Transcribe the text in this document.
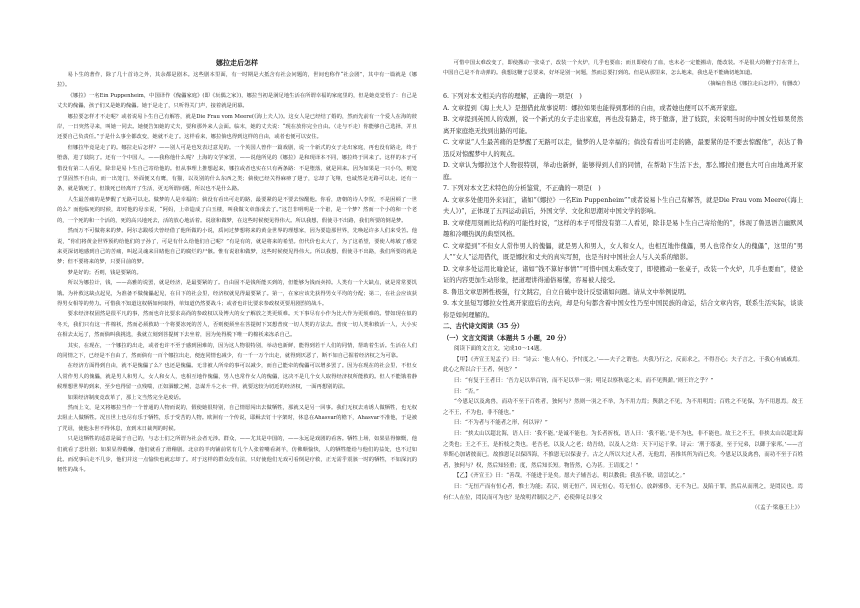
娜拉走后怎样
易卜生的著作，除了几十首诗之外，其余都是剧本。这些剧本里面，有一时期是大抵含有社会问题的，世间也称作“社会剧”，其中有一篇就是《娜拉》。
《娜拉》一名Ein Puppenheim，中国译作《傀儡家庭》(即《玩偶之家》)，娜拉当初是满足地生活在所谓幸福的家庭里的，但是她竟觉悟了：自己是丈夫的傀儡，孩子们又是她的傀儡。她于是走了，只听得关门声，接着就是闭幕。
娜拉要怎样才不走呢？或者说易卜生自己有解答，就是Die Frau vom Meere(《海上夫人》)。这女人是已经结了婚的，然而先前有一个爱人在海的彼岸，一日突然寻来，叫她一同去。她便告知她的丈夫，要和那外来人会面。临末，她的丈夫说：“现在放你完全自由。（走与不走）你能够自己选择，并且还要自己负责任。”于是什么事全都改变，她就不走了。这样看来，娜拉倘也得到这样的自由，或者也便可以安住。
但娜拉毕竟是走了的。娜拉走后怎样？——别人可是也发表过意见的。一个英国人曾作一篇戏剧，说一个新式的女子走出家庭，再也没有路走，终于堕落，进了妓院了。还有一个中国人，——我称他什么呢？上海的文学家罢，——说他所见的《娜拉》是和现译本不同，娜拉终于回来了。这样的本子可惜没有第二人看见，除非是易卜生自己寄给他的。但从事理上推想起来，娜拉或者也实在只有两条路：不是堕落，就是回来。因为如果是一只小鸟，则笼子里固然不自由，而一出笼门，外面便又有鹰，有猫，以及别的什么东西之类；倘使已经关得麻痹了翅子，忘却了飞翔，也诚然是无路可以走。还有一条，就是饿死了，但饿死已经离开了生活，更无所谓问题，所以也不是什么路。
人生最苦痛的是梦醒了无路可以走。做梦的人是幸福的；倘没有看出可走的路，最要紧的是不要去惊醒他。你看，唐朝的诗人李贺，不是困顿了一世的么？而他临死的时候，却对他的母亲说，“阿妈，上帝造成了白玉楼，叫我做文章落成去了。”这岂非明明是一个诳，是一个梦？然而一个小的和一个老的，一个死的和一个活的，死的高兴地死去，活的放心地活着。说诳和做梦，在这些时候便见得伟大。所以我想，假使寻不出路，我们所要的倒是梦。
然而万不可做将来的梦。阿尔志跋绥夫曾经借了他所做的小说，质问过梦想将来的黄金世界的理想家，因为要造那世界，先唤起许多人们来受苦。他说，“你们将黄金世界预约给他们的子孙了，可是有什么给他们自己呢？”有是有的，就是将来的希望。但代价也太大了，为了这希望，要使人练敏了感觉来更深切地感到自己的苦痛，叫起灵魂来目睹他自己的腐烂的尸骸。惟有说诳和做梦，这些时候便见得伟大。所以我想，假使寻不出路，我们所要的就是梦；但不要将来的梦，只要目前的梦。
梦是好的；否则，钱是要紧的。
所以为娜拉计，钱，——高雅的说罢，就是经济，是最要紧的了。自由固不是钱所能买到的，但能够为钱而卖掉。人类有一个大缺点，就是常常要饥饿。为补救这缺点起见，为准备不做傀儡起见，在目下的社会里，经济权就见得最要紧了。第一，在家应该先获得男女平均的分配；第二，在社会应该获得男女相等的势力。可惜我不知道这权柄如何取得，单知道仍然要战斗；或者也许比要求参政权更要用剧烈的战斗。
要求经济权固然是很平凡的事，然而也许比要求高尚的参政权以及博大的女子解放之类更烦难。天下事尽有小作为比大作为更烦难的。譬如现在似的冬天，我们只有这一件棉袄，然而必须救助一个将要冻死的苦人，否则便须坐在菩提树下冥想普度一切人类的方法去。普度一切人类和救活一人，大小实在相去太远了，然而倘叫我挑选，我就立刻到菩提树下去坐着，因为免得脱下唯一的棉袄来冻杀自己。
其实，在现在，一个娜拉的出走，或者也许不至于感到困难的，因为这人物很特别，举动也新鲜，能得到若干人们的同情，帮助着生活。生活在人们的同情之下，已经是不自由了，然而倘有一百个娜拉出走，便连同情也减少，有一千一万个出走，就得到厌恶了，断不如自己握着经济权之为可靠。
在经济方面得到自由，就不是傀儡了么？也还是傀儡。无非被人所牵的事可以减少，而自己能牵的傀儡可以增多罢了。因为在现在的社会里，不但女人常作男人的傀儡，就是男人和男人，女人和女人，也相互地作傀儡，男人也常作女人的傀儡，这决不是几个女人取得经济权所能救的。但人不能饿着静候理想世界的到来，至少也得留一点残喘，正如涸辙之鲋，急谋升斗之水一样，就要这较为切近的经济权，一面再想别的法。
如果经济制度竟改革了，那上文当然完全是废话。
然而上文，是又将娜拉当作一个普通的人物而说的，假使她很特别，自己情愿闯出去做牺牲，那就又是另一回事。我们无权去劝诱人做牺牲，也无权去阻止人做牺牲。况且世上也尽有乐于牺牲，乐于受苦的人物。欧洲有一个传说，耶稣去钉十字架时，休息在Ahasvar的檐下，Ahasvar不准他，于是被了咒诅，使他永世不得休息，直到末日裁判的时候。
只是这牺牲的适意是属于自己的，与志士们之所谓为社会者无涉。群众，——尤其是中国的，——永远是戏剧的看客。牺牲上场，如果显得慷慨，他们就看了悲壮剧；如果显得觳觫，他们就看了滑稽剧。北京的羊肉铺前常有几个人张着嘴看剥羊，仿佛颇愉快，人的牺牲能给与他们的益处，也不过如此。而况事后走不几步，他们并这一点愉快也就忘却了。对于这样的群众没有法，只好使他们无戏可看倒是疗救，正无需乎震骇一时的牺牲，不如深沉的韧性的战斗。
可惜中国太难改变了，即使搬动一张桌子，改装一个火炉，几乎也要血；而且即使有了血，也未必一定能搬动，能改装。不是很大的鞭子打在背上，中国自己是不肯动弹的。我想这鞭子总要来，好坏是别一问题，然而总要打到的。但是从那里来，怎么地来，我也是不能确切地知道。
（摘编自鲁迅《娜拉走后怎样》，有删改）
6. 下列对本文相关内容的理解，正确的一项是(　)
A. 文章提到《海上夫人》是想借此故事说明：娜拉如果也能得到那样的自由，或者她也便可以不离开家庭。
B. 文章提到英国人的戏剧，说一个新式的女子走出家庭，再也没有路走，终于堕落，进了妓院，来说明当时的中国女性如果贸然离开家庭绝无找到出路的可能。
C. 文章说“人生最苦痛的是梦醒了无路可以走，做梦的人是幸福的；倘没有看出可走的路，最要紧的是不要去惊醒他”，表达了鲁迅反对惊醒梦中人的观点。
D. 文章认为娜拉这个人物很特别，举动也新鲜，能够得到人们的同情，在帮助下生活下去，那么娜拉们便也大可自由地离开家庭。
7. 下列对本文艺术特色的分析鉴赏，不正确的一项是(　)
A. 文章多处使用外来词汇，诸如“《娜拉》一名Ein Puppenheim”“或者说易卜生自己有解答，就是Die Frau vom Meere(《海上夫人》)”，正体现了五四运动前后，外国文学、文化和思潮对中国文学的影响。
B. 文章使用刻画比结构的可能性时说，“这样的本子可惜没有第二人看见，除非是易卜生自己寄给他的”，体现了鲁迅语言幽默风趣和冷嘲热讽的典型风格。
C. 文章提到“不但女人常作男人的傀儡，就是男人和男人，女人和女人，也相互地作傀儡，男人也常作女人的傀儡”，这里的“男人”“女人”运用借代，既是娜拉和丈夫的真实写照，也是当时中国社会人与人关系的缩影。
D. 文章多处运用比喻论证，诸如“钱不算好事情”“可惜中国太难改变了，即使搬动一张桌子，改装一个火炉，几乎也要血”，使论证的内容更加生动形象，把道理讲得通俗易懂，容易被人接受。
8. 鲁迅文章思辨性极强，行文跳宕，自立自破中设计反驳诸如问题。请从文中举例说明。
9. 本文虽短写娜拉女性离开家庭后的去向，却是句句都含着中国女性乃至中国民族的命运，结合文章内容，联系生活实际，谈谈你是如何理解的。
二、古代诗文阅读（35 分）
（一）文言文阅读（本题共 5 小题，20 分）
阅读下面的文言文，完成10～14题。
【甲】《齐宣王见孟子》曰：“诗云：‘他人有心，予忖度之。’——夫子之谓也。夫我乃行之，反而求之，不得吾心；夫子言之，于我心有戚戚焉。此心之所以合于王者，何也？”
曰：“有复于王者曰：‘吾力足以举百钧，而不足以举一羽；明足以察秋毫之末，而不见舆薪。’则王许之乎？”
曰：“否。”
“今恩足以及禽兽，而功不至于百姓者，独何与？然则一羽之不举，为不用力焉；舆薪之不见，为不用明焉；百姓之不见保，为不用恩焉。故王之不王，不为也，非不能也。”
曰：“不为者与不能者之形，何以异？”
曰：“挟太山以超北海，语人曰：‘我不能。’是诚不能也。为长者折枝，语人曰：‘我不能。’是不为也，非不能也。故王之不王，非挟太山以超北海之类也；王之不王，是折枝之类也。老吾老，以及人之老；幼吾幼，以及人之幼：天下可运于掌。诗云：‘刑于寡妻，至于兄弟，以御于家邦。’——言举斯心加诸彼而已。故推恩足以保四海，不推恩无以保妻子。古之人所以大过人者，无他焉，善推其所为而已矣。今恩足以及禽兽，而功不至于百姓者，独何与？权，然后知轻重；度，然后知长短。物皆然，心为甚。王请度之！”
【乙】《齐宣王》曰：“善哉，不能进于是矣。愿夫子辅吾志，明以教我；我虽不敏，请尝试之。”
曰：“无恒产而有恒心者，惟士为能；若民，则无恒产，因无恒心。苟无恒心，放辟邪侈，无不为已。及陷于罪，然后从而刑之，是罔民也。焉有仁人在位，罔民而可为也？是故明君制民之产，必使仰足以事父
（《孟子·梁惠王上》）
